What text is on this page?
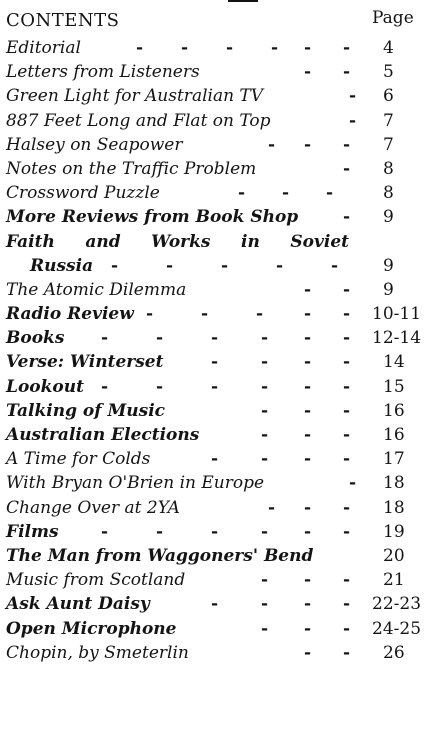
CONTENTS	Page
Editorial	- - - - - - 4
Letters from Listeners	- - 5
Green Light for Australian TV	- 6
887 Feet Long and Flat on Top	- 7
Halsey on Seapower	- - - 7
Notes on the Traffic Problem	- 8
Crossword Puzzle	- - -	8
More Reviews from Book Shop	- 9
Faith and Works in Soviet
Russia -	-	-	-	-	9
The Atomic Dilemma	- - 9
Radio Review -	-	- - - 10-11
Books -	-	-	- - - 12-14
Verse: Winterset	-	- - - 14
Lookout -	-	-	- - - 15
Talking of Music	- - - 16
Australian Elections	- - - 16
A Time for Colds	-	- - - 17
With Bryan O'Brien in Europe	- 18
Change Over at 2YA	- - - 18
Films -	-	-	- - - 19
The Man from Waggoners' Bend	20
Music from Scotland	- - - 21
Ask Aunt Daisy	-	- - - 22-23
Open Microphone	- - - 24-25
Chopin, by Smeterlin	- - 26
